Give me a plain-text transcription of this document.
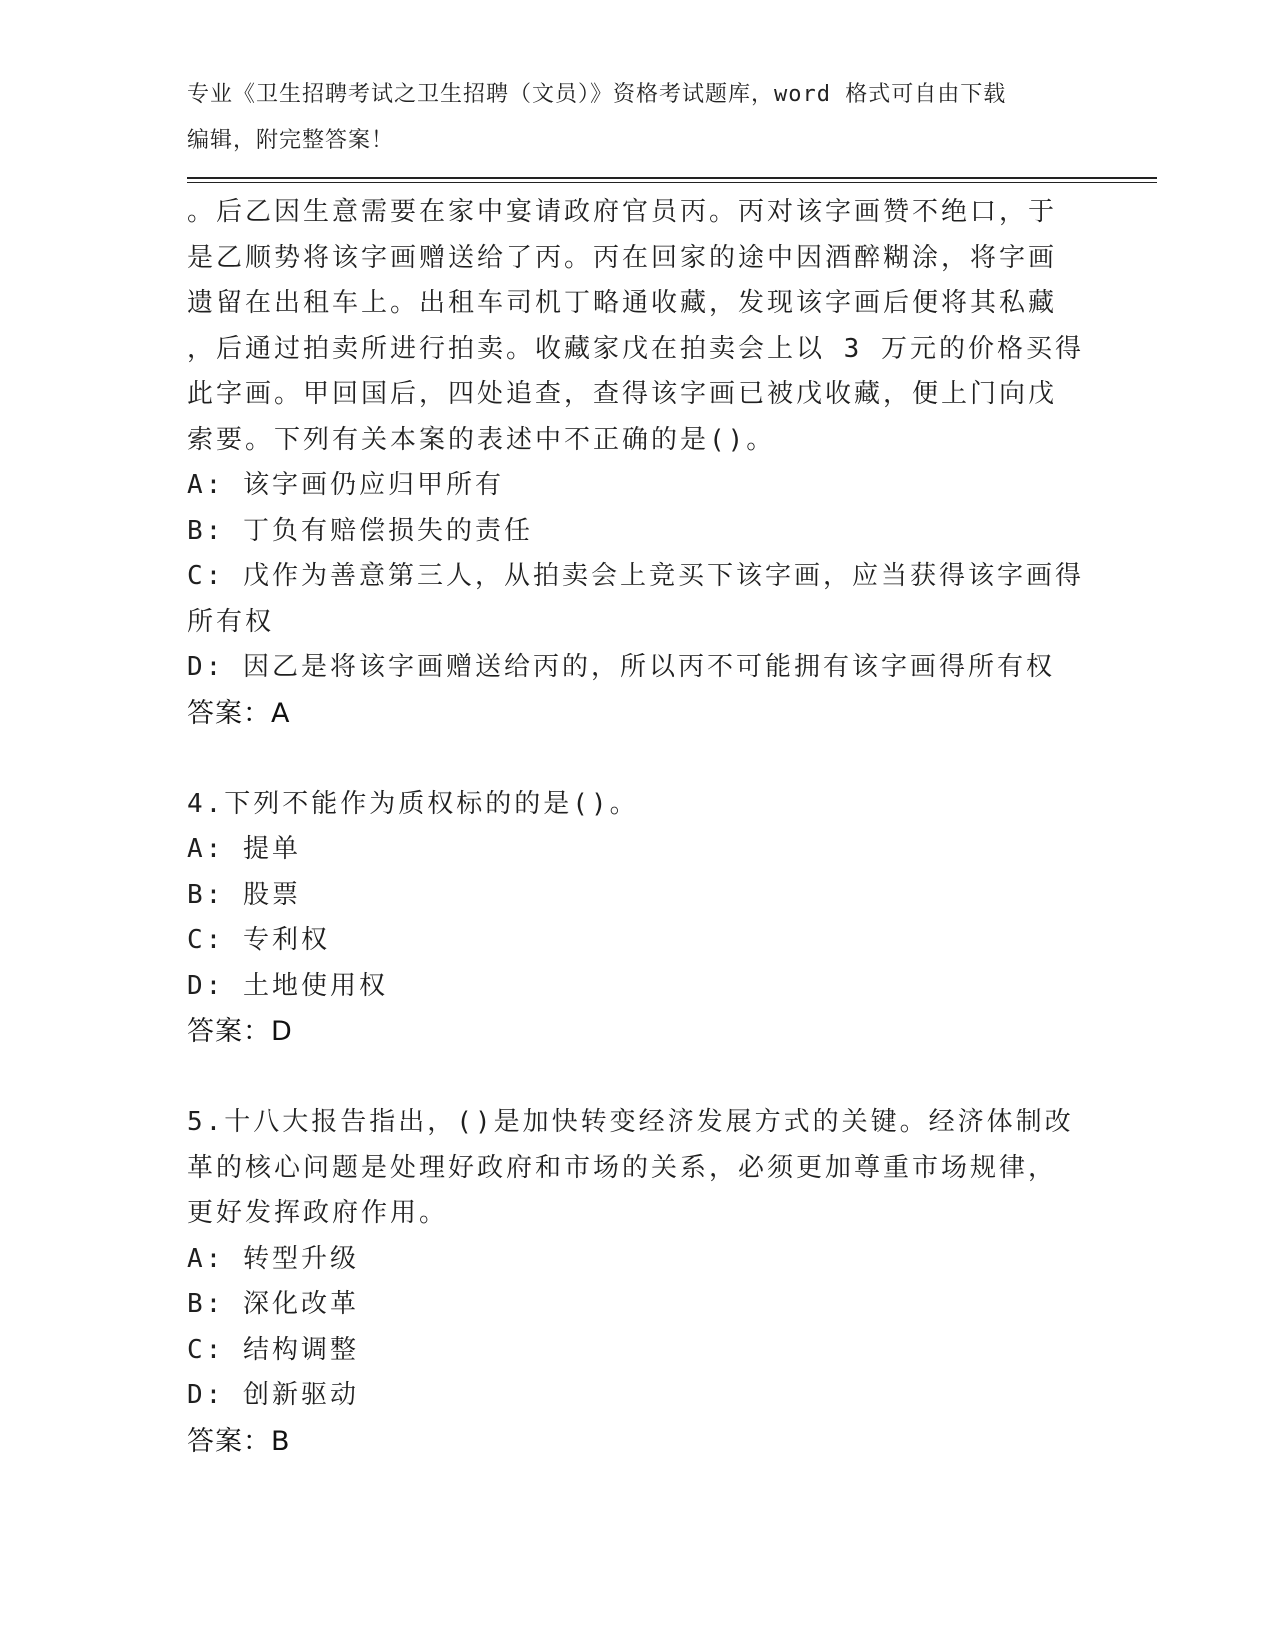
专业《卫生招聘考试之卫生招聘（文员）》资格考试题库，word 格式可自由下载
编辑，附完整答案！
。后乙因生意需要在家中宴请政府官员丙。丙对该字画赞不绝口，于
是乙顺势将该字画赠送给了丙。丙在回家的途中因酒醉糊涂，将字画
遗留在出租车上。出租车司机丁略通收藏，发现该字画后便将其私藏
，后通过拍卖所进行拍卖。收藏家戊在拍卖会上以 3 万元的价格买得
此字画。甲回国后，四处追查，查得该字画已被戊收藏，便上门向戊
索要。下列有关本案的表述中不正确的是()。
A: 该字画仍应归甲所有
B: 丁负有赔偿损失的责任
C: 戊作为善意第三人，从拍卖会上竞买下该字画，应当获得该字画得
所有权
D: 因乙是将该字画赠送给丙的，所以丙不可能拥有该字画得所有权
答案：A
4.下列不能作为质权标的的是()。
A: 提单
B: 股票
C: 专利权
D: 土地使用权
答案：D
5.十八大报告指出，()是加快转变经济发展方式的关键。经济体制改
革的核心问题是处理好政府和市场的关系，必须更加尊重市场规律，
更好发挥政府作用。
A: 转型升级
B: 深化改革
C: 结构调整
D: 创新驱动
答案：B
